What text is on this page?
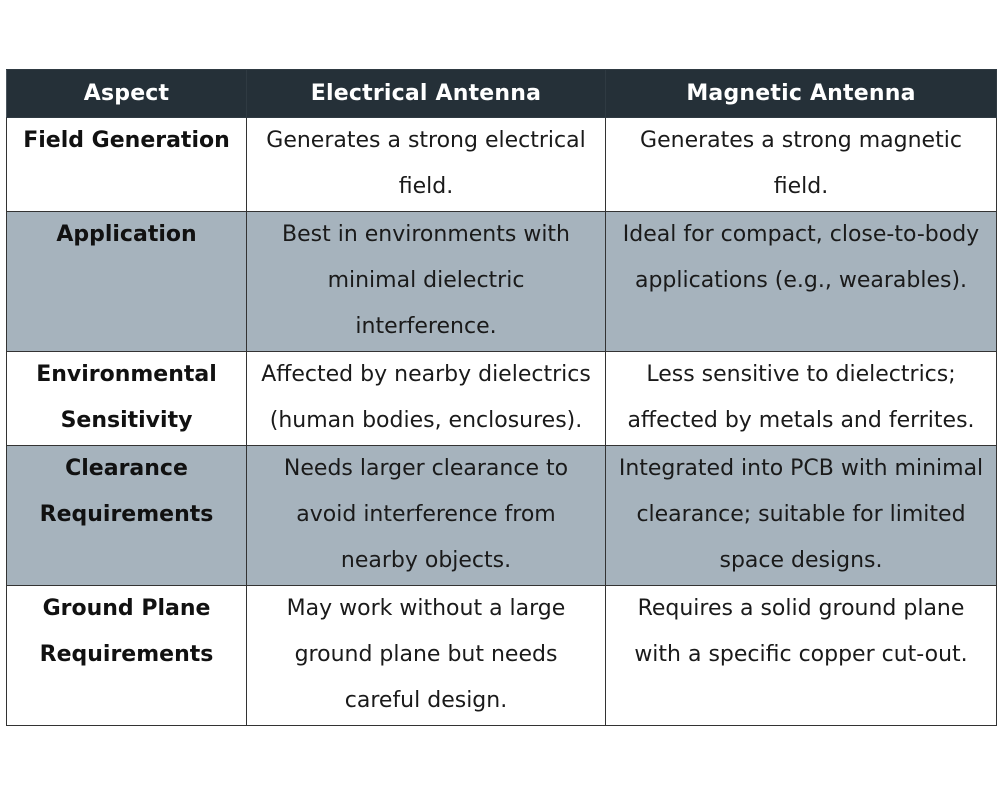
Aspect	Electrical Antenna	Magnetic Antenna
Field Generation	Generates a strong electrical field.	Generates a strong magnetic field.
Application	Best in environments with minimal dielectric interference.	Ideal for compact, close-to-body applications (e.g., wearables).
Environmental Sensitivity	Affected by nearby dielectrics (human bodies, enclosures).	Less sensitive to dielectrics; affected by metals and ferrites.
Clearance Requirements	Needs larger clearance to avoid interference from nearby objects.	Integrated into PCB with minimal clearance; suitable for limited space designs.
Ground Plane Requirements	May work without a large ground plane but needs careful design.	Requires a solid ground plane with a specific copper cut-out.
